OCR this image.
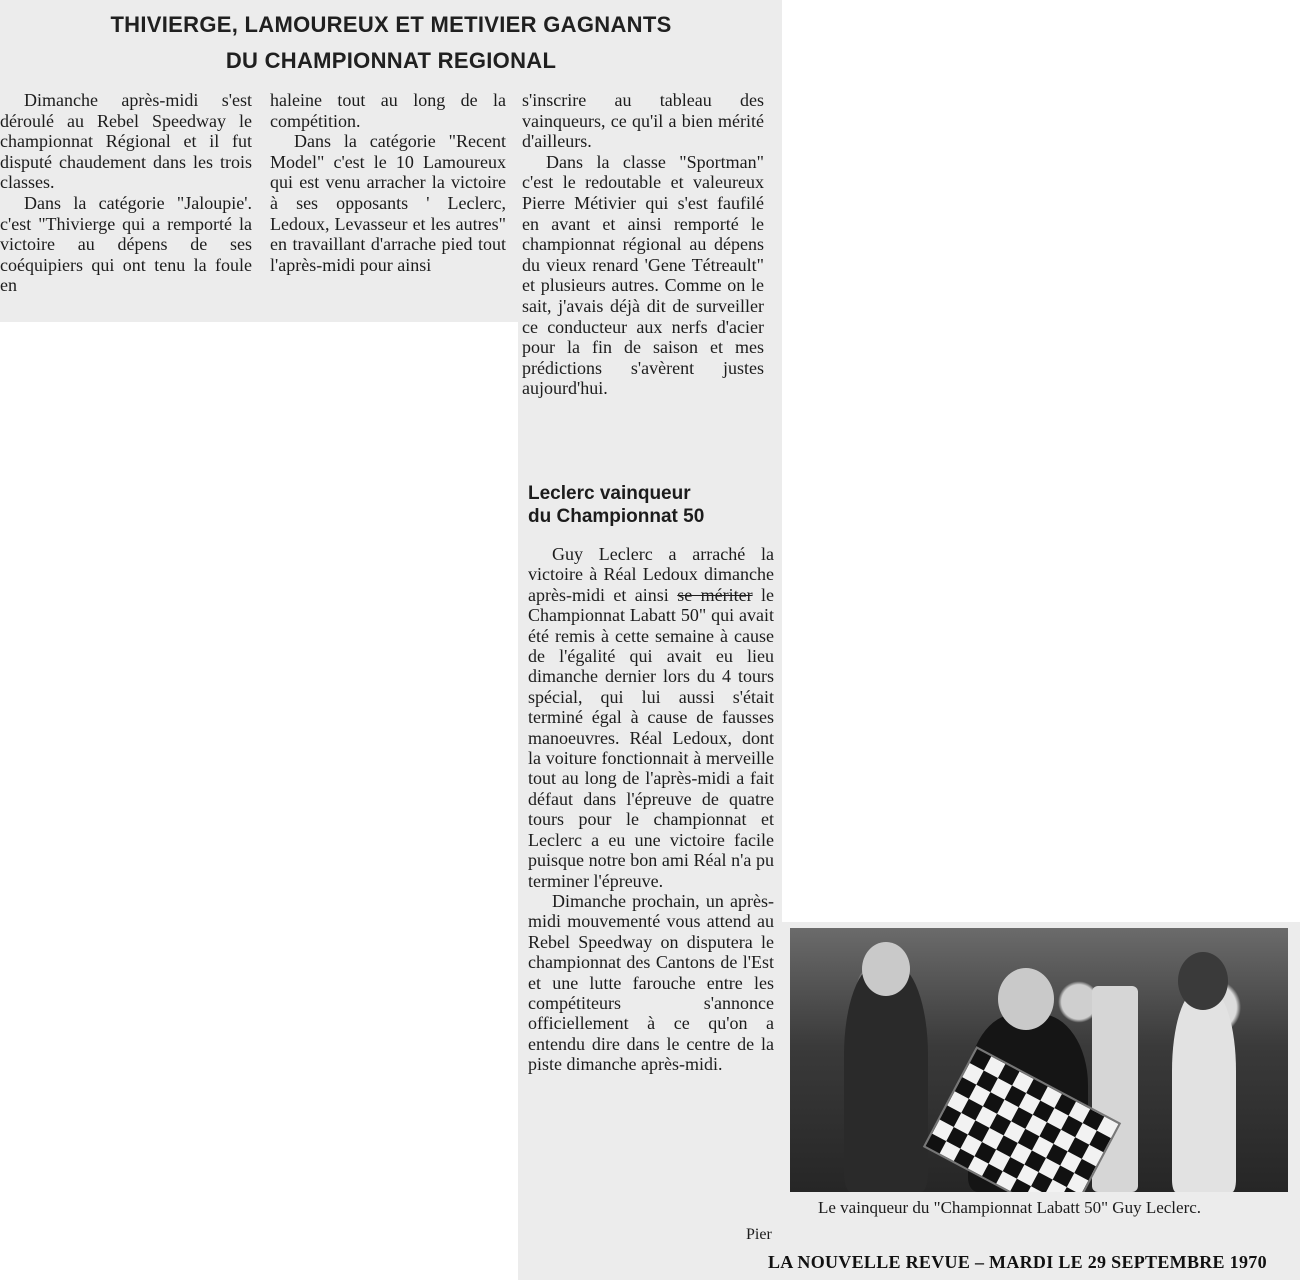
THIVIERGE, LAMOUREUX ET METIVIER GAGNANTS
DU CHAMPIONNAT REGIONAL

Dimanche après-midi s'est déroulé au Rebel Speedway le championnat Régional et il fut disputé chaudement dans les trois classes.

Dans la catégorie "Jaloupie'. c'est "Thivierge qui a remporté la victoire au dépens de ses coéquipiers qui ont tenu la foule en

haleine tout au long de la compétition.

Dans la catégorie "Recent Model" c'est le 10 Lamoureux qui est venu arracher la victoire à ses opposants ' Leclerc, Ledoux, Levasseur et les autres" en travaillant d'arrache pied tout l'après-midi pour ainsi

s'inscrire au tableau des vainqueurs, ce qu'il a bien mérité d'ailleurs.

Dans la classe "Sportman" c'est le redoutable et valeureux Pierre Métivier qui s'est faufilé en avant et ainsi remporté le championnat régional au dépens du vieux renard 'Gene Tétreault" et plusieurs autres. Comme on le sait, j'avais déjà dit de surveiller ce conducteur aux nerfs d'acier pour la fin de saison et mes prédictions s'avèrent justes aujourd'hui.

Leclerc vainqueur
du Championnat 50

Guy Leclerc a arraché la victoire à Réal Ledoux dimanche après-midi et ainsi se mériter le Championnat Labatt 50" qui avait été remis à cette semaine à cause de l'égalité qui avait eu lieu dimanche dernier lors du 4 tours spécial, qui lui aussi s'était terminé égal à cause de fausses manoeuvres. Réal Ledoux, dont la voiture fonctionnait à merveille tout au long de l'après-midi a fait défaut dans l'épreuve de quatre tours pour le championnat et Leclerc a eu une victoire facile puisque notre bon ami Réal n'a pu terminer l'épreuve.

Dimanche prochain, un après-midi mouvementé vous attend au Rebel Speedway on disputera le championnat des Cantons de l'Est et une lutte farouche entre les compétiteurs s'annonce officiellement à ce qu'on a entendu dire dans le centre de la piste dimanche après-midi.

Le vainqueur du "Championnat Labatt 50" Guy Leclerc.
Pier
LA NOUVELLE REVUE – MARDI LE 29 SEPTEMBRE 1970
